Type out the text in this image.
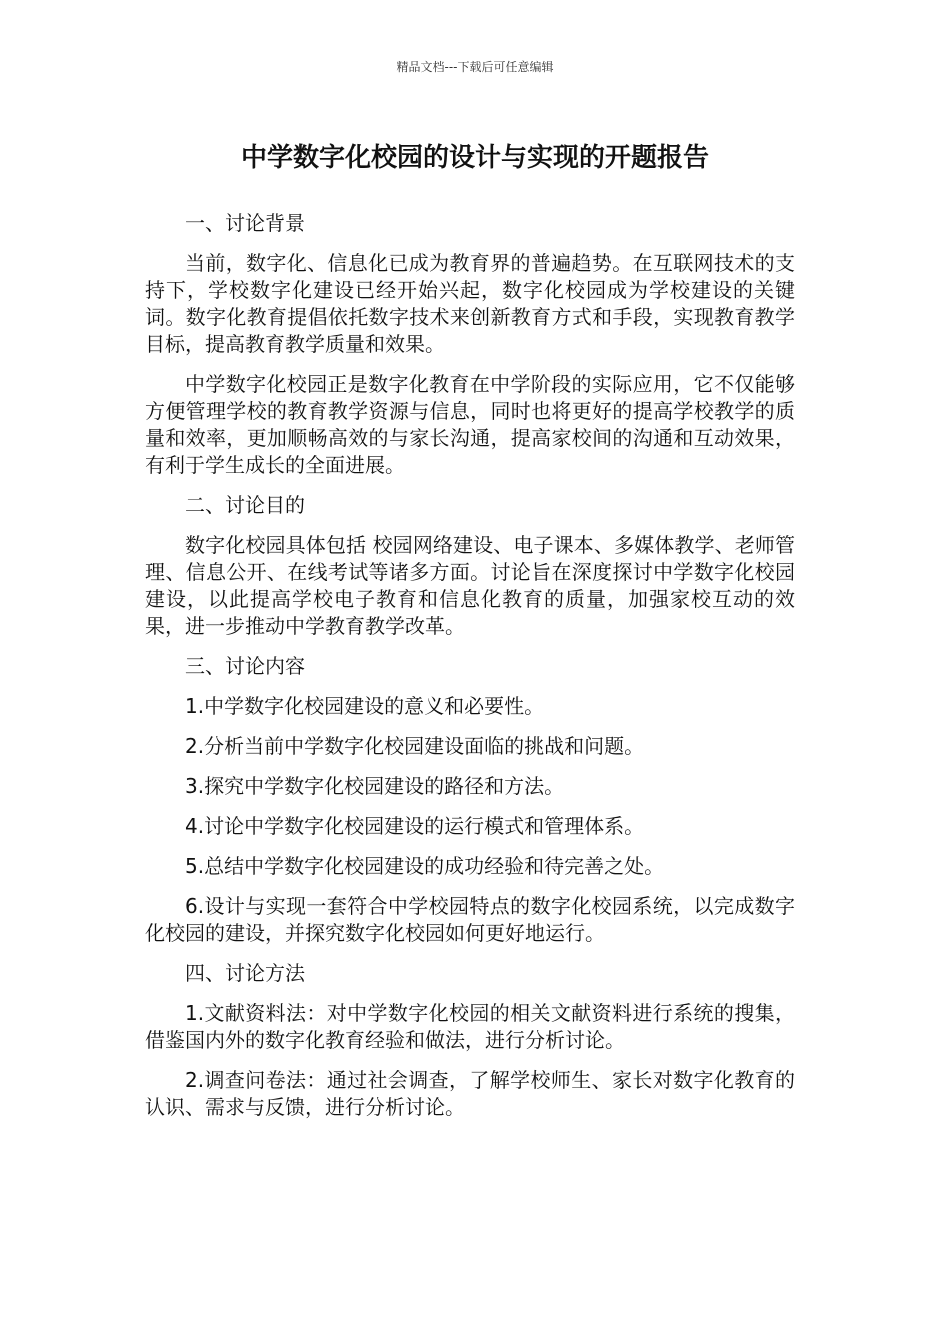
精品文档---下载后可任意编辑
中学数字化校园的设计与实现的开题报告

一、讨论背景

当前，数字化、信息化已成为教育界的普遍趋势。在互联网技术的支持下，学校数字化建设已经开始兴起，数字化校园成为学校建设的关键词。数字化教育提倡依托数字技术来创新教育方式和手段，实现教育教学目标，提高教育教学质量和效果。

中学数字化校园正是数字化教育在中学阶段的实际应用，它不仅能够方便管理学校的教育教学资源与信息，同时也将更好的提高学校教学的质量和效率，更加顺畅高效的与家长沟通，提高家校间的沟通和互动效果，有利于学生成长的全面进展。

二、讨论目的

数字化校园具体包括 校园网络建设、电子课本、多媒体教学、老师管理、信息公开、在线考试等诸多方面。讨论旨在深度探讨中学数字化校园建设，以此提高学校电子教育和信息化教育的质量，加强家校互动的效果，进一步推动中学教育教学改革。

三、讨论内容

1.中学数字化校园建设的意义和必要性。

2.分析当前中学数字化校园建设面临的挑战和问题。

3.探究中学数字化校园建设的路径和方法。

4.讨论中学数字化校园建设的运行模式和管理体系。

5.总结中学数字化校园建设的成功经验和待完善之处。

6.设计与实现一套符合中学校园特点的数字化校园系统，以完成数字化校园的建设，并探究数字化校园如何更好地运行。

四、讨论方法

1.文献资料法：对中学数字化校园的相关文献资料进行系统的搜集，借鉴国内外的数字化教育经验和做法，进行分析讨论。

2.调查问卷法：通过社会调查，了解学校师生、家长对数字化教育的认识、需求与反馈，进行分析讨论。
